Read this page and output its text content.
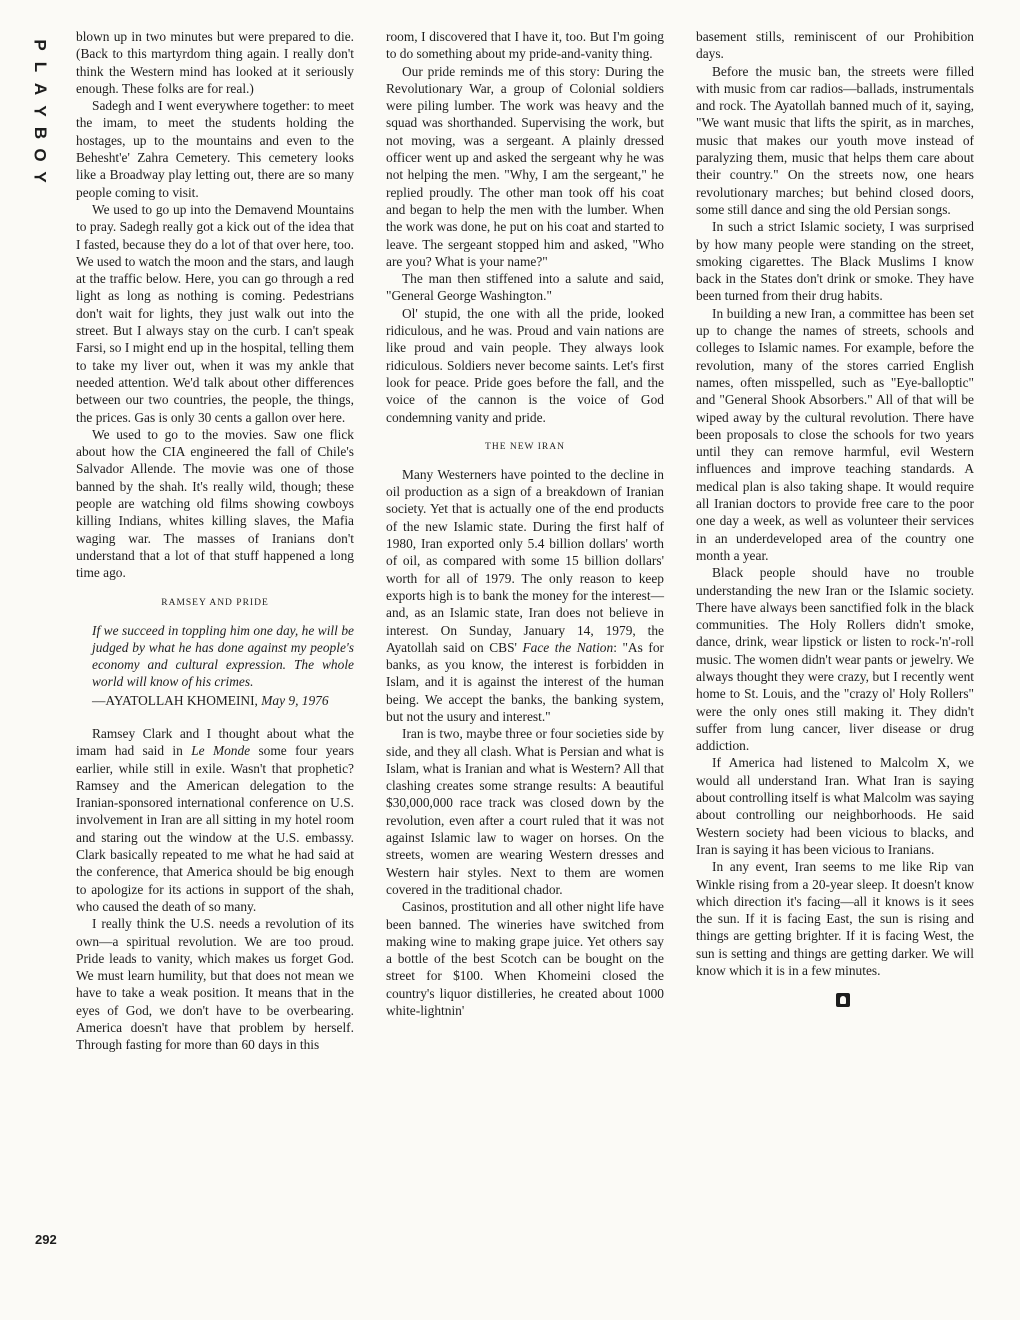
P
L
A
Y
B
O
Y
292

blown up in two minutes but were prepared to die. (Back to this martyrdom thing again. I really don't think the Western mind has looked at it seriously enough. These folks are for real.)

Sadegh and I went everywhere together: to meet the imam, to meet the students holding the hostages, up to the mountains and even to the Behesht'e' Zahra Cemetery. This cemetery looks like a Broadway play letting out, there are so many people coming to visit.

We used to go up into the Demavend Mountains to pray. Sadegh really got a kick out of the idea that I fasted, because they do a lot of that over here, too. We used to watch the moon and the stars, and laugh at the traffic below. Here, you can go through a red light as long as nothing is coming. Pedestrians don't wait for lights, they just walk out into the street. But I always stay on the curb. I can't speak Farsi, so I might end up in the hospital, telling them to take my liver out, when it was my ankle that needed attention. We'd talk about other differences between our two countries, the people, the things, the prices. Gas is only 30 cents a gallon over here.

We used to go to the movies. Saw one flick about how the CIA engineered the fall of Chile's Salvador Allende. The movie was one of those banned by the shah. It's really wild, though; these people are watching old films showing cowboys killing Indians, whites killing slaves, the Mafia waging war. The masses of Iranians don't understand that a lot of that stuff happened a long time ago.

RAMSEY AND PRIDE
If we succeed in toppling him one day, he will be judged by what he has done against my people's economy and cultural expression. The whole world will know of his crimes.
—AYATOLLAH KHOMEINI, May 9, 1976

Ramsey Clark and I thought about what the imam had said in Le Monde some four years earlier, while still in exile. Wasn't that prophetic? Ramsey and the American delegation to the Iranian-sponsored international conference on U.S. involvement in Iran are all sitting in my hotel room and staring out the window at the U.S. embassy. Clark basically repeated to me what he had said at the conference, that America should be big enough to apologize for its actions in support of the shah, who caused the death of so many.

I really think the U.S. needs a revolution of its own—a spiritual revolution. We are too proud. Pride leads to vanity, which makes us forget God. We must learn humility, but that does not mean we have to take a weak position. It means that in the eyes of God, we don't have to be overbearing. America doesn't have that problem by herself. Through fasting for more than 60 days in this

room, I discovered that I have it, too. But I'm going to do something about my pride-and-vanity thing.

Our pride reminds me of this story: During the Revolutionary War, a group of Colonial soldiers were piling lumber. The work was heavy and the squad was shorthanded. Supervising the work, but not moving, was a sergeant. A plainly dressed officer went up and asked the sergeant why he was not helping the men. "Why, I am the sergeant," he replied proudly. The other man took off his coat and began to help the men with the lumber. When the work was done, he put on his coat and started to leave. The sergeant stopped him and asked, "Who are you? What is your name?"

The man then stiffened into a salute and said, "General George Washington."

Ol' stupid, the one with all the pride, looked ridiculous, and he was. Proud and vain nations are like proud and vain people. They always look ridiculous. Soldiers never become saints. Let's first look for peace. Pride goes before the fall, and the voice of the cannon is the voice of God condemning vanity and pride.

THE NEW IRAN

Many Westerners have pointed to the decline in oil production as a sign of a breakdown of Iranian society. Yet that is actually one of the end products of the new Islamic state. During the first half of 1980, Iran exported only 5.4 billion dollars' worth of oil, as compared with some 15 billion dollars' worth for all of 1979. The only reason to keep exports high is to bank the money for the interest—and, as an Islamic state, Iran does not believe in interest. On Sunday, January 14, 1979, the Ayatollah said on CBS' Face the Nation: "As for banks, as you know, the interest is forbidden in Islam, and it is against the interest of the human being. We accept the banks, the banking system, but not the usury and interest."

Iran is two, maybe three or four societies side by side, and they all clash. What is Persian and what is Islam, what is Iranian and what is Western? All that clashing creates some strange results: A beautiful $30,000,000 race track was closed down by the revolution, even after a court ruled that it was not against Islamic law to wager on horses. On the streets, women are wearing Western dresses and Western hair styles. Next to them are women covered in the traditional chador.

Casinos, prostitution and all other night life have been banned. The wineries have switched from making wine to making grape juice. Yet others say a bottle of the best Scotch can be bought on the street for $100. When Khomeini closed the country's liquor distilleries, he created about 1000 white-lightnin'

basement stills, reminiscent of our Prohibition days.

Before the music ban, the streets were filled with music from car radios—ballads, instrumentals and rock. The Ayatollah banned much of it, saying, "We want music that lifts the spirit, as in marches, music that makes our youth move instead of paralyzing them, music that helps them care about their country." On the streets now, one hears revolutionary marches; but behind closed doors, some still dance and sing the old Persian songs.

In such a strict Islamic society, I was surprised by how many people were standing on the street, smoking cigarettes. The Black Muslims I know back in the States don't drink or smoke. They have been turned from their drug habits.

In building a new Iran, a committee has been set up to change the names of streets, schools and colleges to Islamic names. For example, before the revolution, many of the stores carried English names, often misspelled, such as "Eye-balloptic" and "General Shook Absorbers." All of that will be wiped away by the cultural revolution. There have been proposals to close the schools for two years until they can remove harmful, evil Western influences and improve teaching standards. A medical plan is also taking shape. It would require all Iranian doctors to provide free care to the poor one day a week, as well as volunteer their services in an underdeveloped area of the country one month a year.

Black people should have no trouble understanding the new Iran or the Islamic society. There have always been sanctified folk in the black communities. The Holy Rollers didn't smoke, dance, drink, wear lipstick or listen to rock-'n'-roll music. The women didn't wear pants or jewelry. We always thought they were crazy, but I recently went home to St. Louis, and the "crazy ol' Holy Rollers" were the only ones still making it. They didn't suffer from lung cancer, liver disease or drug addiction.

If America had listened to Malcolm X, we would all understand Iran. What Iran is saying about controlling itself is what Malcolm was saying about controlling our neighborhoods. He said Western society had been vicious to blacks, and Iran is saying it has been vicious to Iranians.

In any event, Iran seems to me like Rip van Winkle rising from a 20-year sleep. It doesn't know which direction it's facing—all it knows is it sees the sun. If it is facing East, the sun is rising and things are getting brighter. If it is facing West, the sun is setting and things are getting darker. We will know which it is in a few minutes.
